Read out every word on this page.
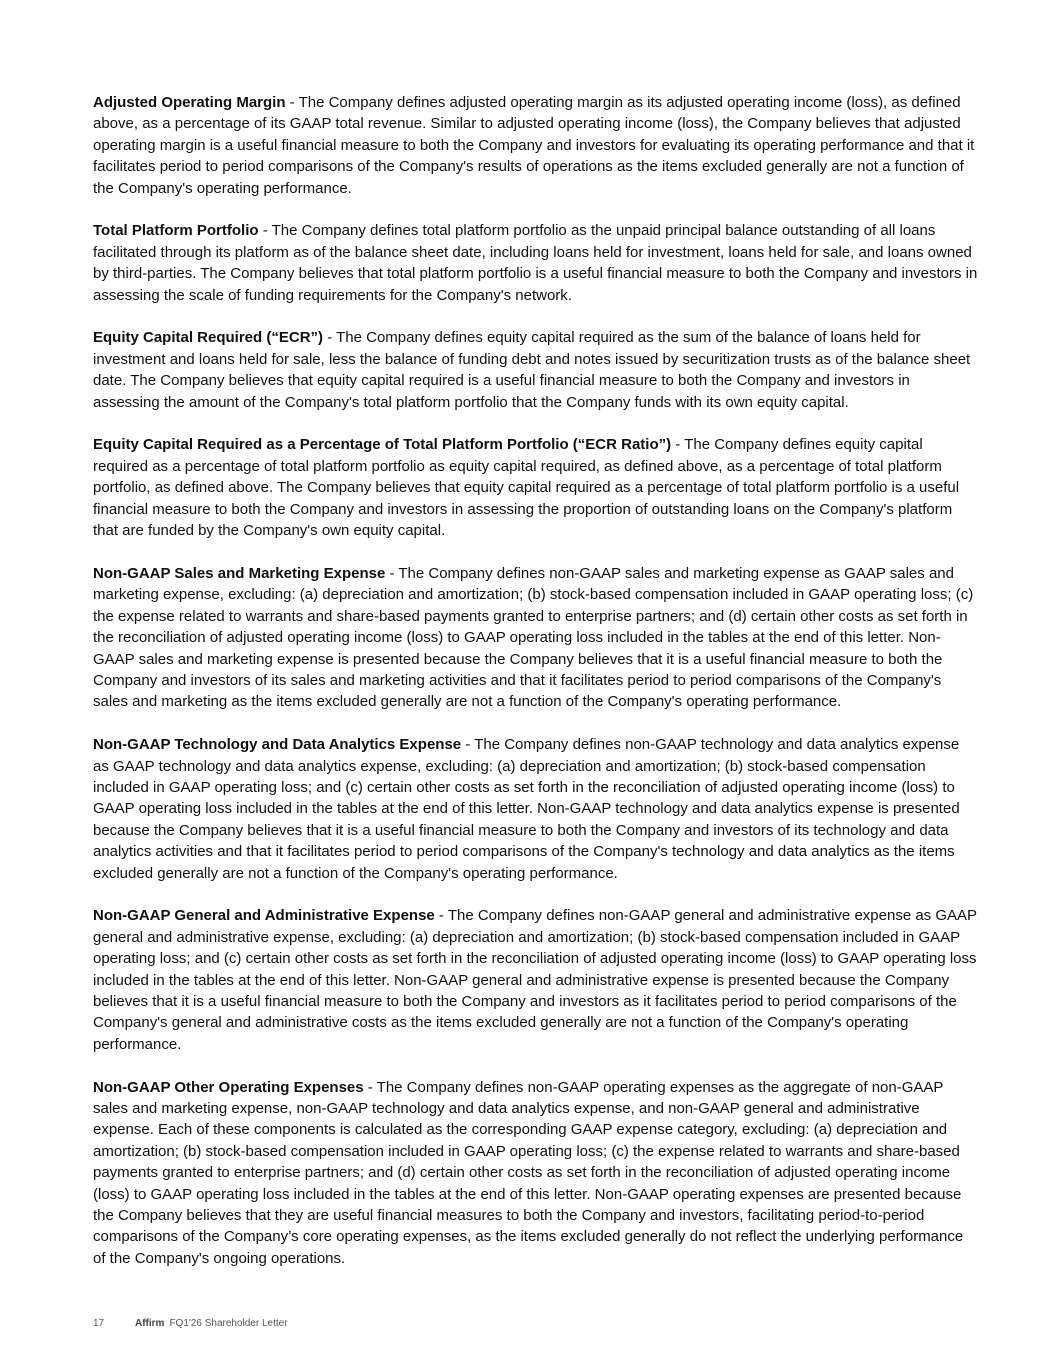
Adjusted Operating Margin - The Company defines adjusted operating margin as its adjusted operating income (loss), as defined above, as a percentage of its GAAP total revenue. Similar to adjusted operating income (loss), the Company believes that adjusted operating margin is a useful financial measure to both the Company and investors for evaluating its operating performance and that it facilitates period to period comparisons of the Company's results of operations as the items excluded generally are not a function of the Company's operating performance.

Total Platform Portfolio - The Company defines total platform portfolio as the unpaid principal balance outstanding of all loans facilitated through its platform as of the balance sheet date, including loans held for investment, loans held for sale, and loans owned by third-parties. The Company believes that total platform portfolio is a useful financial measure to both the Company and investors in assessing the scale of funding requirements for the Company's network.

Equity Capital Required (“ECR”) - The Company defines equity capital required as the sum of the balance of loans held for investment and loans held for sale, less the balance of funding debt and notes issued by securitization trusts as of the balance sheet date. The Company believes that equity capital required is a useful financial measure to both the Company and investors in assessing the amount of the Company's total platform portfolio that the Company funds with its own equity capital.

Equity Capital Required as a Percentage of Total Platform Portfolio (“ECR Ratio”) - The Company defines equity capital required as a percentage of total platform portfolio as equity capital required, as defined above, as a percentage of total platform portfolio, as defined above. The Company believes that equity capital required as a percentage of total platform portfolio is a useful financial measure to both the Company and investors in assessing the proportion of outstanding loans on the Company's platform that are funded by the Company's own equity capital.

Non-GAAP Sales and Marketing Expense - The Company defines non-GAAP sales and marketing expense as GAAP sales and marketing expense, excluding: (a) depreciation and amortization; (b) stock-based compensation included in GAAP operating loss; (c) the expense related to warrants and share-based payments granted to enterprise partners; and (d) certain other costs as set forth in the reconciliation of adjusted operating income (loss) to GAAP operating loss included in the tables at the end of this letter. Non-GAAP sales and marketing expense is presented because the Company believes that it is a useful financial measure to both the Company and investors of its sales and marketing activities and that it facilitates period to period comparisons of the Company's sales and marketing as the items excluded generally are not a function of the Company's operating performance.

Non-GAAP Technology and Data Analytics Expense - The Company defines non-GAAP technology and data analytics expense as GAAP technology and data analytics expense, excluding: (a) depreciation and amortization; (b) stock-based compensation included in GAAP operating loss; and (c) certain other costs as set forth in the reconciliation of adjusted operating income (loss) to GAAP operating loss included in the tables at the end of this letter. Non-GAAP technology and data analytics expense is presented because the Company believes that it is a useful financial measure to both the Company and investors of its technology and data analytics activities and that it facilitates period to period comparisons of the Company's technology and data analytics as the items excluded generally are not a function of the Company's operating performance.

Non-GAAP General and Administrative Expense - The Company defines non-GAAP general and administrative expense as GAAP general and administrative expense, excluding: (a) depreciation and amortization; (b) stock-based compensation included in GAAP operating loss; and (c) certain other costs as set forth in the reconciliation of adjusted operating income (loss) to GAAP operating loss included in the tables at the end of this letter. Non-GAAP general and administrative expense is presented because the Company believes that it is a useful financial measure to both the Company and investors as it facilitates period to period comparisons of the Company's general and administrative costs as the items excluded generally are not a function of the Company's operating performance.

Non-GAAP Other Operating Expenses - The Company defines non-GAAP operating expenses as the aggregate of non-GAAP sales and marketing expense, non-GAAP technology and data analytics expense, and non-GAAP general and administrative expense. Each of these components is calculated as the corresponding GAAP expense category, excluding: (a) depreciation and amortization; (b) stock-based compensation included in GAAP operating loss; (c) the expense related to warrants and share-based payments granted to enterprise partners; and (d) certain other costs as set forth in the reconciliation of adjusted operating income (loss) to GAAP operating loss included in the tables at the end of this letter. Non-GAAP operating expenses are presented because the Company believes that they are useful financial measures to both the Company and investors, facilitating period-to-period comparisons of the Company’s core operating expenses, as the items excluded generally do not reflect the underlying performance of the Company's ongoing operations.

17	Affirm FQ1'26 Shareholder Letter
